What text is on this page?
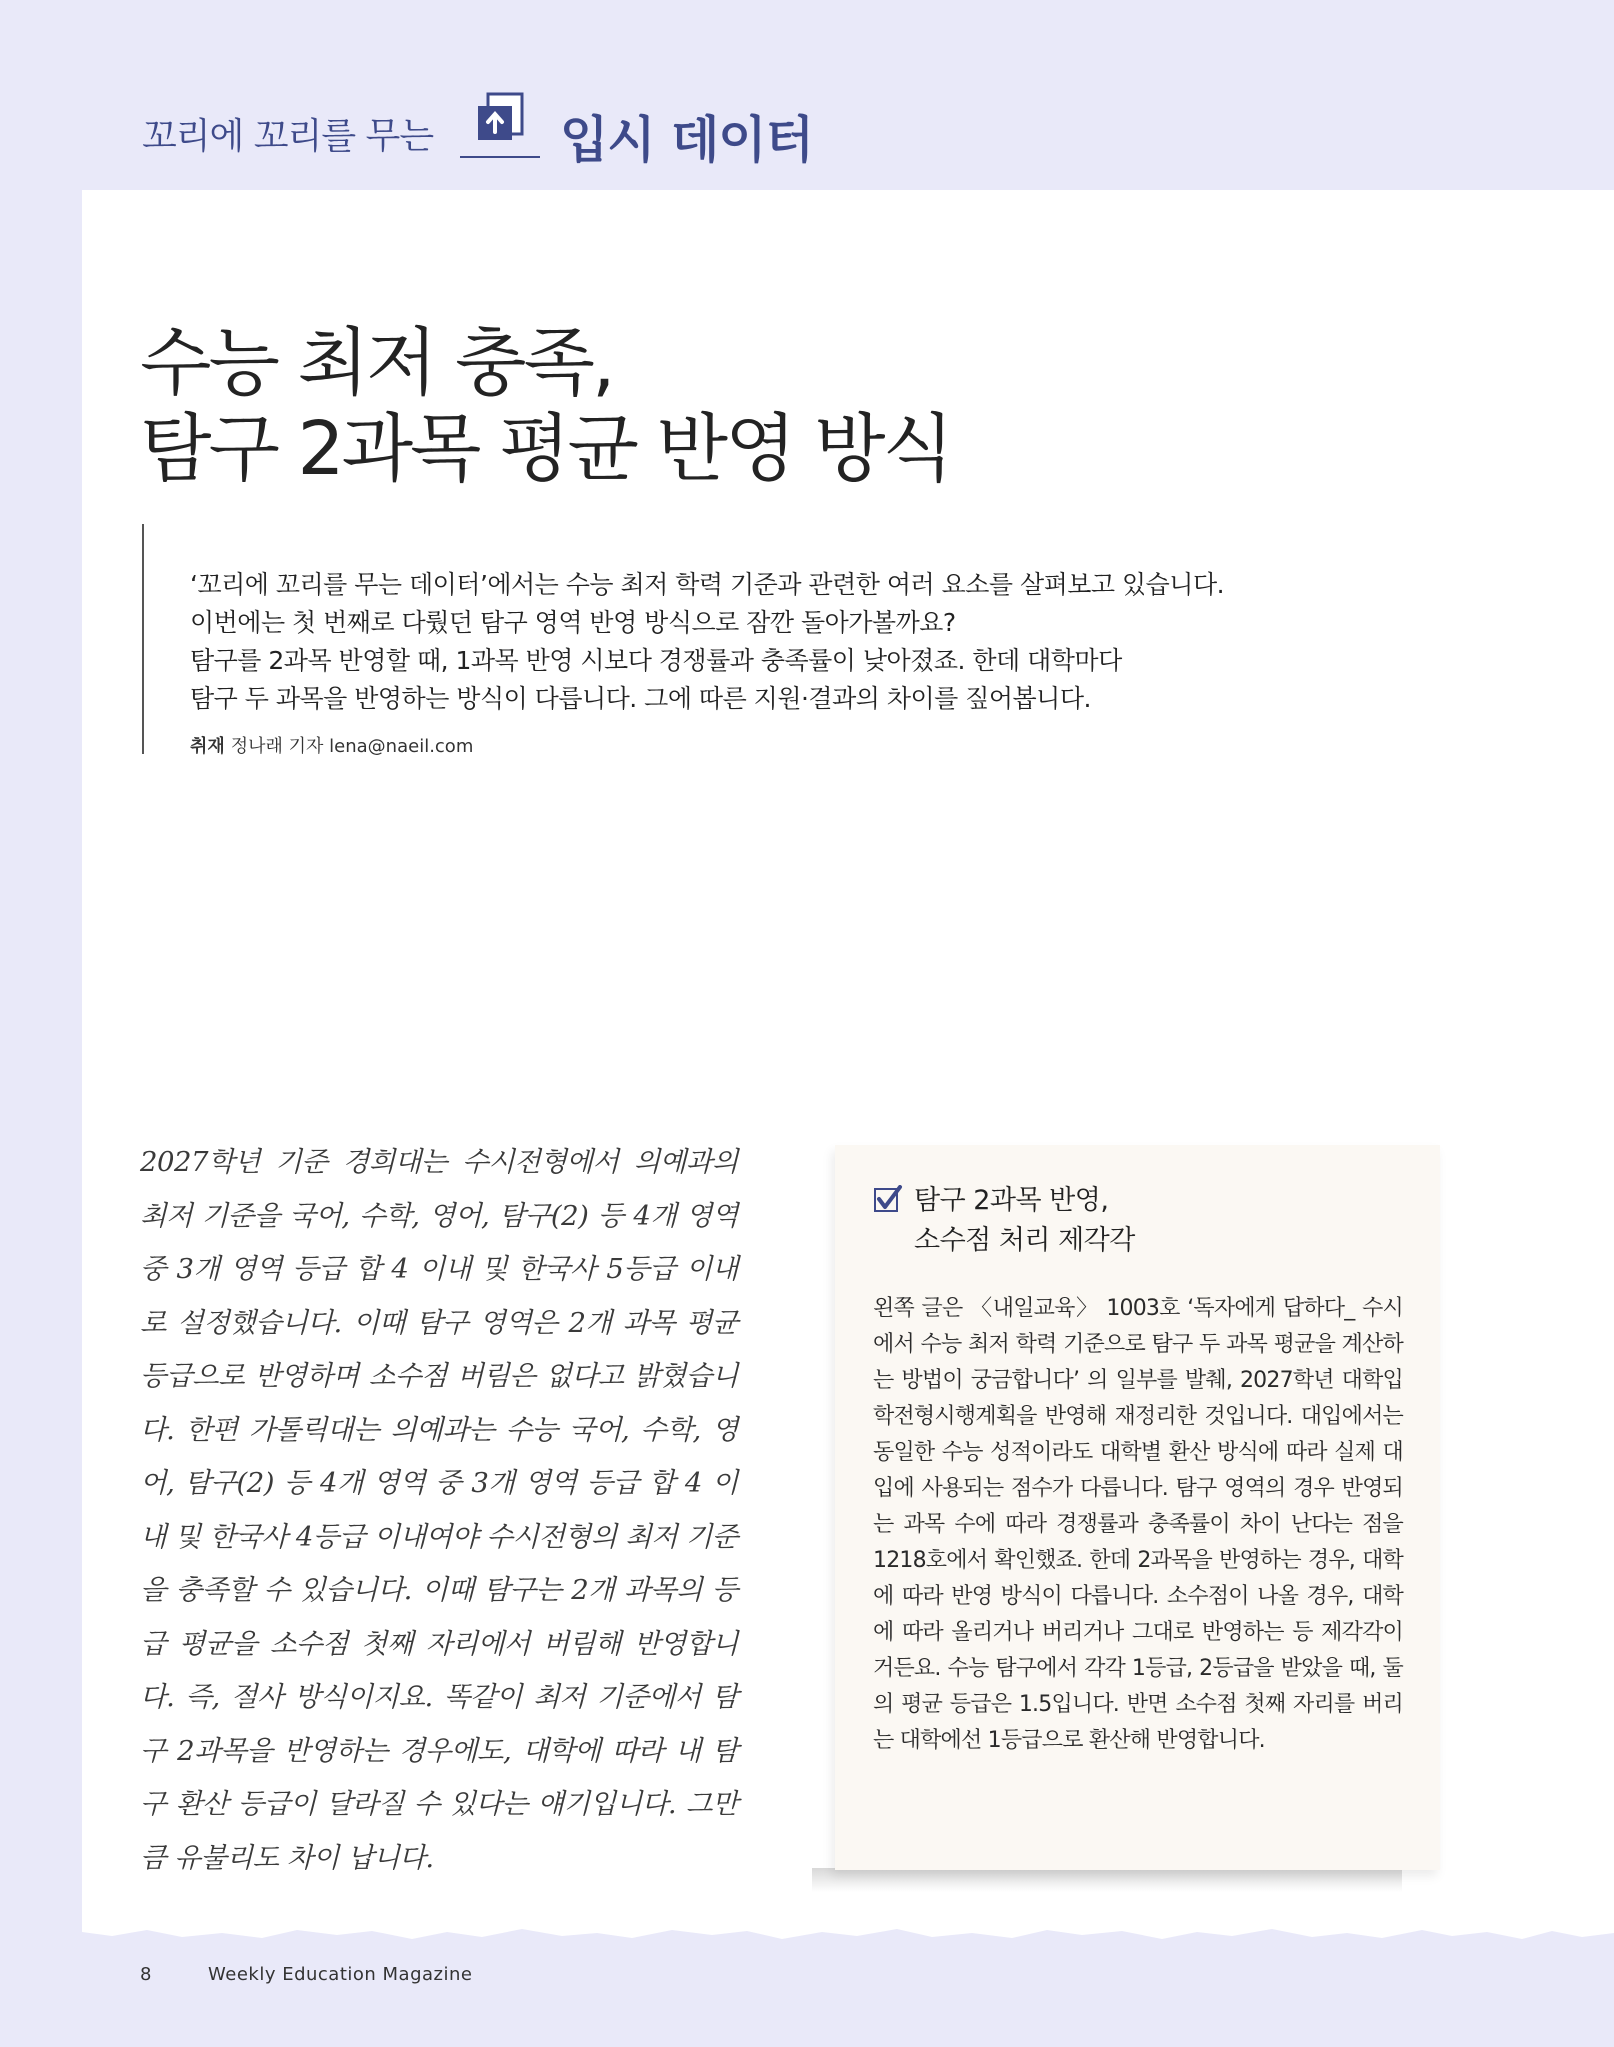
꼬리에 꼬리를 무는	입시 데이터
수능 최저 충족,
탐구 2과목 평균 반영 방식

‘꼬리에 꼬리를 무는 데이터’에서는 수능 최저 학력 기준과 관련한 여러 요소를 살펴보고 있습니다.
이번에는 첫 번째로 다뤘던 탐구 영역 반영 방식으로 잠깐 돌아가볼까요?
탐구를 2과목 반영할 때, 1과목 반영 시보다 경쟁률과 충족률이 낮아졌죠. 한데 대학마다
탐구 두 과목을 반영하는 방식이 다릅니다. 그에 따른 지원·결과의 차이를 짚어봅니다.

취재 정나래 기자 lena@naeil.com

2027학년 기준 경희대는 수시전형에서 의예과의 최저 기준을 국어, 수학, 영어, 탐구(2) 등 4개 영역 중 3개 영역 등급 합 4 이내 및 한국사 5등급 이내로 설정했습니다. 이때 탐구 영역은 2개 과목 평균 등급으로 반영하며 소수점 버림은 없다고 밝혔습니다. 한편 가톨릭대는 의예과는 수능 국어, 수학, 영어, 탐구(2) 등 4개 영역 중 3개 영역 등급 합 4 이내 및 한국사 4등급 이내여야 수시전형의 최저 기준을 충족할 수 있습니다. 이때 탐구는 2개 과목의 등급 평균을 소수점 첫째 자리에서 버림해 반영합니다. 즉, 절사 방식이지요. 똑같이 최저 기준에서 탐구 2과목을 반영하는 경우에도, 대학에 따라 내 탐구 환산 등급이 달라질 수 있다는 얘기입니다. 그만큼 유불리도 차이 납니다.

탐구 2과목 반영,
소수점 처리 제각각

왼쪽 글은 〈내일교육〉 1003호 ‘독자에게 답하다_ 수시에서 수능 최저 학력 기준으로 탐구 두 과목 평균을 계산하는 방법이 궁금합니다’ 의 일부를 발췌, 2027학년 대학입학전형시행계획을 반영해 재정리한 것입니다. 대입에서는 동일한 수능 성적이라도 대학별 환산 방식에 따라 실제 대입에 사용되는 점수가 다릅니다. 탐구 영역의 경우 반영되는 과목 수에 따라 경쟁률과 충족률이 차이 난다는 점을 1218호에서 확인했죠. 한데 2과목을 반영하는 경우, 대학에 따라 반영 방식이 다릅니다. 소수점이 나올 경우, 대학에 따라 올리거나 버리거나 그대로 반영하는 등 제각각이거든요. 수능 탐구에서 각각 1등급, 2등급을 받았을 때, 둘의 평균 등급은 1.5입니다. 반면 소수점 첫째 자리를 버리는 대학에선 1등급으로 환산해 반영합니다.

8	Weekly Education Magazine
